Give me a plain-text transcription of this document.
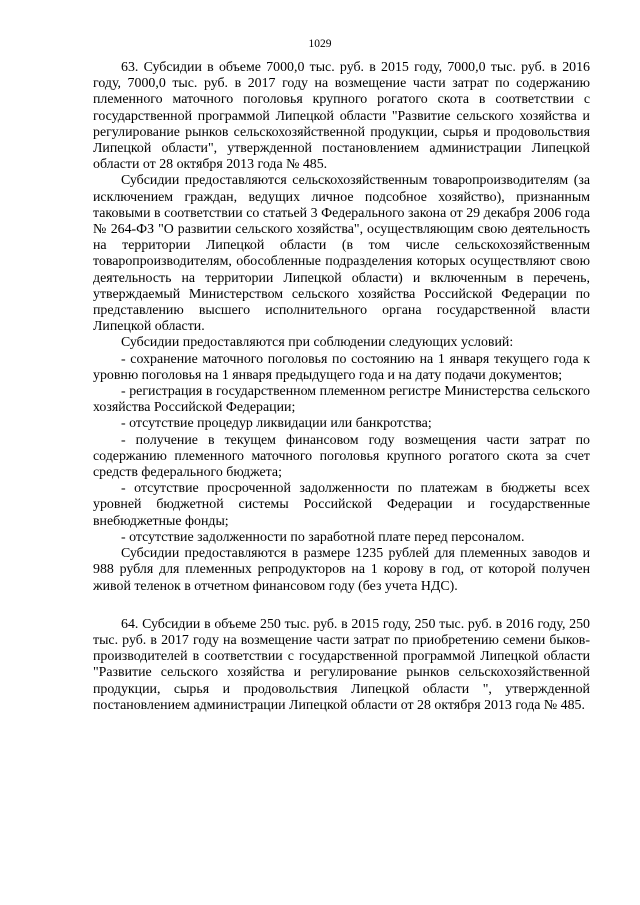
1029

63. Субсидии в объеме 7000,0 тыс. руб. в 2015 году, 7000,0 тыс. руб. в 2016 году, 7000,0 тыс. руб. в 2017 году на возмещение части затрат по содержанию племенного маточного поголовья крупного рогатого скота в соответствии с государственной программой Липецкой области "Развитие сельского хозяйства и регулирование рынков сельскохозяйственной продукции, сырья и продовольствия Липецкой области", утвержденной постановлением администрации Липецкой области от 28 октября 2013 года № 485.

Субсидии предоставляются сельскохозяйственным товаропроизводителям (за исключением граждан, ведущих личное подсобное хозяйство), признанным таковыми в соответствии со статьей 3 Федерального закона от 29 декабря 2006 года № 264-ФЗ "О развитии сельского хозяйства", осуществляющим свою деятельность на территории Липецкой области (в том числе сельскохозяйственным товаропроизводителям, обособленные подразделения которых осуществляют свою деятельность на территории Липецкой области) и включенным в перечень, утверждаемый Министерством сельского хозяйства Российской Федерации по представлению высшего исполнительного органа государственной власти Липецкой области.

Субсидии предоставляются при соблюдении следующих условий:

- сохранение маточного поголовья по состоянию на 1 января текущего года к уровню поголовья на 1 января предыдущего года и на дату подачи документов;

- регистрация в государственном племенном регистре Министерства сельского хозяйства Российской Федерации;

- отсутствие процедур ликвидации или банкротства;

- получение в текущем финансовом году возмещения части затрат по содержанию племенного маточного поголовья крупного рогатого скота за счет средств федерального бюджета;

- отсутствие просроченной задолженности по платежам в бюджеты всех уровней бюджетной системы Российской Федерации и государственные внебюджетные фонды;

- отсутствие задолженности по заработной плате перед персоналом.

Субсидии предоставляются в размере 1235 рублей для племенных заводов и 988 рубля для племенных репродукторов на 1 корову в год, от которой получен живой теленок в отчетном финансовом году (без учета НДС).

64. Субсидии в объеме 250 тыс. руб. в 2015 году, 250 тыс. руб. в 2016 году, 250 тыс. руб. в 2017 году на возмещение части затрат по приобретению семени быков-производителей в соответствии с государственной программой Липецкой области "Развитие сельского хозяйства и регулирование рынков сельскохозяйственной продукции, сырья и продовольствия Липецкой области ", утвержденной постановлением администрации Липецкой области от 28 октября 2013 года № 485.
